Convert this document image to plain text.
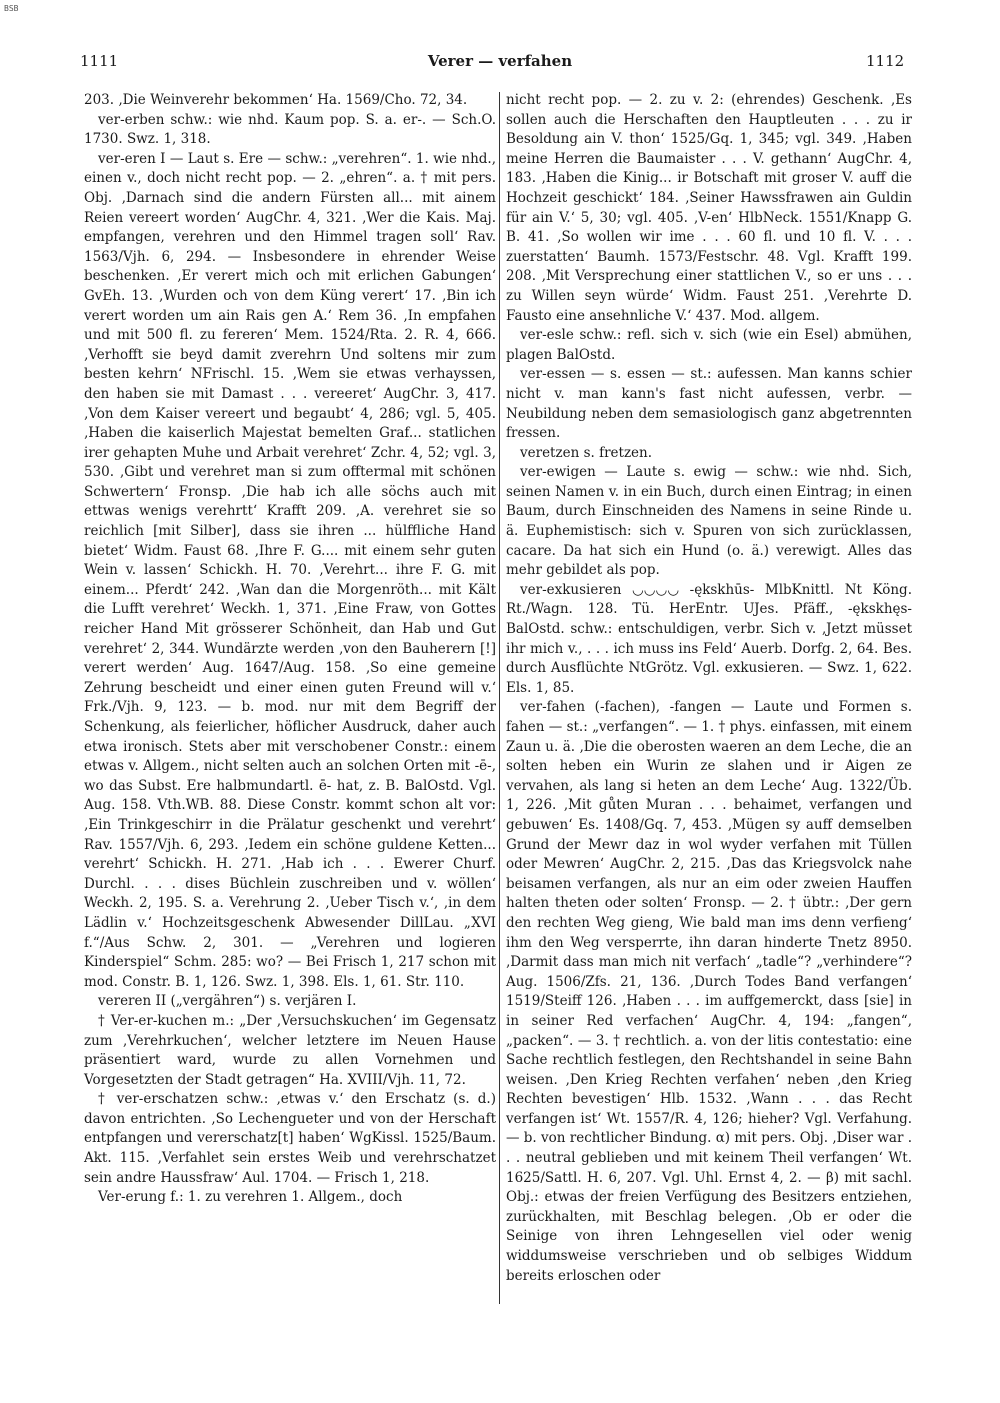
BSB
1111	Verer — verfahen	1112

203. ‚Die Weinverehr bekommen‘ Ha. 1569/Cho. 72, 34.

ver-erben schw.: wie nhd. Kaum pop. S. a. er-. — Sch.O. 1730. Swz. 1, 318.

ver-eren I — Laut s. Ere — schw.: „verehren“. 1. wie nhd., einen v., doch nicht recht pop. — 2. „ehren“. a. † mit pers. Obj. ‚Darnach sind die andern Fürsten all... mit ainem Reien vereert worden‘ AugChr. 4, 321. ‚Wer die Kais. Maj. empfangen, verehren und den Himmel tragen soll‘ Rav. 1563/Vjh. 6, 294. — Insbesondere in ehrender Weise beschenken. ‚Er verert mich och mit erlichen Gabungen‘ GvEh. 13. ‚Wurden och von dem Küng verert‘ 17. ‚Bin ich verert worden um ain Rais gen A.‘ Rem 36. ‚In empfahen und mit 500 fl. zu fereren‘ Mem. 1524/Rta. 2. R. 4, 666. ‚Verhofft sie beyd damit zverehrn Und soltens mir zum besten kehrn‘ NFrischl. 15. ‚Wem sie etwas verhayssen, den haben sie mit Damast . . . vereeret‘ AugChr. 3, 417. ‚Von dem Kaiser vereert und begaubt‘ 4, 286; vgl. 5, 405. ‚Haben die kaiserlich Majestat bemelten Graf... statlichen irer gehapten Muhe und Arbait verehret‘ Zchr. 4, 52; vgl. 3, 530. ‚Gibt und verehret man si zum offtermal mit schönen Schwertern‘ Fronsp. ‚Die hab ich alle söchs auch mit ettwas wenigs verehrtt‘ Krafft 209. ‚A. verehret sie so reichlich [mit Silber], dass sie ihren ... hülffliche Hand bietet‘ Widm. Faust 68. ‚Ihre F. G.... mit einem sehr guten Wein v. lassen‘ Schickh. H. 70. ‚Verehrt... ihre F. G. mit einem... Pferdt‘ 242. ‚Wan dan die Morgenröth... mit Kält die Lufft verehret‘ Weckh. 1, 371. ‚Eine Fraw, von Gottes reicher Hand Mit grösserer Schönheit, dan Hab und Gut verehret‘ 2, 344. Wundärzte werden ‚von den Bauherern [!] verert werden‘ Aug. 1647/Aug. 158. ‚So eine gemeine Zehrung bescheidt und einer einen guten Freund will v.‘ Frk./Vjh. 9, 123. — b. mod. nur mit dem Begriff der Schenkung, als feierlicher, höflicher Ausdruck, daher auch etwa ironisch. Stets aber mit verschobener Constr.: einem etwas v. Allgem., nicht selten auch an solchen Orten mit -ē-, wo das Subst. Ere halbmundartl. ē- hat, z. B. BalOstd. Vgl. Aug. 158. Vth.WB. 88. Diese Constr. kommt schon alt vor: ‚Ein Trinkgeschirr in die Prälatur geschenkt und verehrt‘ Rav. 1557/Vjh. 6, 293. ‚Iedem ein schöne guldene Ketten... verehrt‘ Schickh. H. 271. ‚Hab ich . . . Ewerer Churf. Durchl. . . . dises Büchlein zuschreiben und v. wöllen‘ Weckh. 2, 195. S. a. Verehrung 2. ‚Ueber Tisch v.‘, ‚in dem Lädlin v.‘ Hochzeitsgeschenk Abwesender DillLau. „XVI f.“/Aus Schw. 2, 301. — „Verehren und logieren Kinderspiel“ Schm. 285: wo? — Bei Frisch 1, 217 schon mit mod. Constr. B. 1, 126. Swz. 1, 398. Els. 1, 61. Str. 110.

vereren II („vergähren“) s. verjären I.

† Ver-er-kuchen m.: „Der ‚Versuchskuchen‘ im Gegensatz zum ‚Verehrkuchen‘, welcher letztere im Neuen Hause präsentiert ward, wurde zu allen Vornehmen und Vorgesetzten der Stadt getragen“ Ha. XVIII/Vjh. 11, 72.

† ver-erschatzen schw.: ‚etwas v.‘ den Erschatz (s. d.) davon entrichten. ‚So Lechengueter und von der Herschaft entpfangen und vererschatz[t] haben‘ WgKissl. 1525/Baum. Akt. 115. ‚Verfahlet sein erstes Weib und verehrschatzet sein andre Haussfraw‘ Aul. 1704. — Frisch 1, 218.

Ver-erung f.: 1. zu verehren 1. Allgem., doch

nicht recht pop. — 2. zu v. 2: (ehrendes) Geschenk. ‚Es sollen auch die Herschaften den Hauptleuten . . . zu ir Besoldung ain V. thon‘ 1525/Gq. 1, 345; vgl. 349. ‚Haben meine Herren die Baumaister . . . V. gethann‘ AugChr. 4, 183. ‚Haben die Kinig... ir Botschaft mit groser V. auff die Hochzeit geschickt‘ 184. ‚Seiner Hawssfrawen ain Guldin für ain V.‘ 5, 30; vgl. 405. ‚V-en‘ HlbNeck. 1551/Knapp G. B. 41. ‚So wollen wir ime . . . 60 fl. und 10 fl. V. . . . zuerstatten‘ Baumh. 1573/Festschr. 48. Vgl. Krafft 199. 208. ‚Mit Versprechung einer stattlichen V., so er uns . . . zu Willen seyn würde‘ Widm. Faust 251. ‚Verehrte D. Fausto eine ansehnliche V.‘ 437. Mod. allgem.

ver-esle schw.: refl. sich v. sich (wie ein Esel) abmühen, plagen BalOstd.

ver-essen — s. essen — st.: aufessen. Man kanns schier nicht v. man kann's fast nicht aufessen, verbr. — Neubildung neben dem semasiologisch ganz abgetrennten fressen.

veretzen s. fretzen.

ver-ewigen — Laute s. ewig — schw.: wie nhd. Sich, seinen Namen v. in ein Buch, durch einen Eintrag; in einen Baum, durch Einschneiden des Namens in seine Rinde u. ä. Euphemistisch: sich v. Spuren von sich zurücklassen, cacare. Da hat sich ein Hund (o. ä.) verewigt. Alles das mehr gebildet als pop.

ver-exkusieren ◡◡◡◡ -ękskhūs- MlbKnittl. Nt Köng. Rt./Wagn. 128. Tü. HerEntr. UJes. Pfäff., -ękskhęs- BalOstd. schw.: entschuldigen, verbr. Sich v. ‚Jetzt müsset ihr mich v., . . . ich muss ins Feld‘ Auerb. Dorfg. 2, 64. Bes. durch Ausflüchte NtGrötz. Vgl. exkusieren. — Swz. 1, 622. Els. 1, 85.

ver-fahen (-fachen), -fangen — Laute und Formen s. fahen — st.: „verfangen“. — 1. † phys. einfassen, mit einem Zaun u. ä. ‚Die die oberosten waeren an dem Leche, die an solten heben ein Wurin ze slahen und ir Aigen ze vervahen, als lang si heten an dem Leche‘ Aug. 1322/Üb. 1, 226. ‚Mit gůten Muran . . . behaimet, verfangen und gebuwen‘ Es. 1408/Gq. 7, 453. ‚Mügen sy auff demselben Grund der Mewr daz in wol wyder verfahen mit Tüllen oder Mewren‘ AugChr. 2, 215. ‚Das das Kriegsvolck nahe beisamen verfangen, als nur an eim oder zweien Hauffen halten theten oder solten‘ Fronsp. — 2. † übtr.: ‚Der gern den rechten Weg gieng, Wie bald man ims denn verfieng‘ ihm den Weg versperrte, ihn daran hinderte Tnetz 8950. ‚Darmit dass man mich nit verfach‘ „tadle“? „verhindere“? Aug. 1506/Zfs. 21, 136. ‚Durch Todes Band verfangen‘ 1519/Steiff 126. ‚Haben . . . im auffgemerckt, dass [sie] in in seiner Red verfachen‘ AugChr. 4, 194: „fangen“, „packen“. — 3. † rechtlich. a. von der litis contestatio: eine Sache rechtlich festlegen, den Rechtshandel in seine Bahn weisen. ‚Den Krieg Rechten verfahen‘ neben ‚den Krieg Rechten bevestigen‘ Hlb. 1532. ‚Wann . . . das Recht verfangen ist‘ Wt. 1557/R. 4, 126; hieher? Vgl. Verfahung. — b. von rechtlicher Bindung. α) mit pers. Obj. ‚Diser war . . . neutral geblieben und mit keinem Theil verfangen‘ Wt. 1625/Sattl. H. 6, 207. Vgl. Uhl. Ernst 4, 2. — β) mit sachl. Obj.: etwas der freien Verfügung des Besitzers entziehen, zurückhalten, mit Beschlag belegen. ‚Ob er oder die Seinige von ihren Lehngesellen viel oder wenig widdumsweise verschrieben und ob selbiges Widdum bereits erloschen oder
